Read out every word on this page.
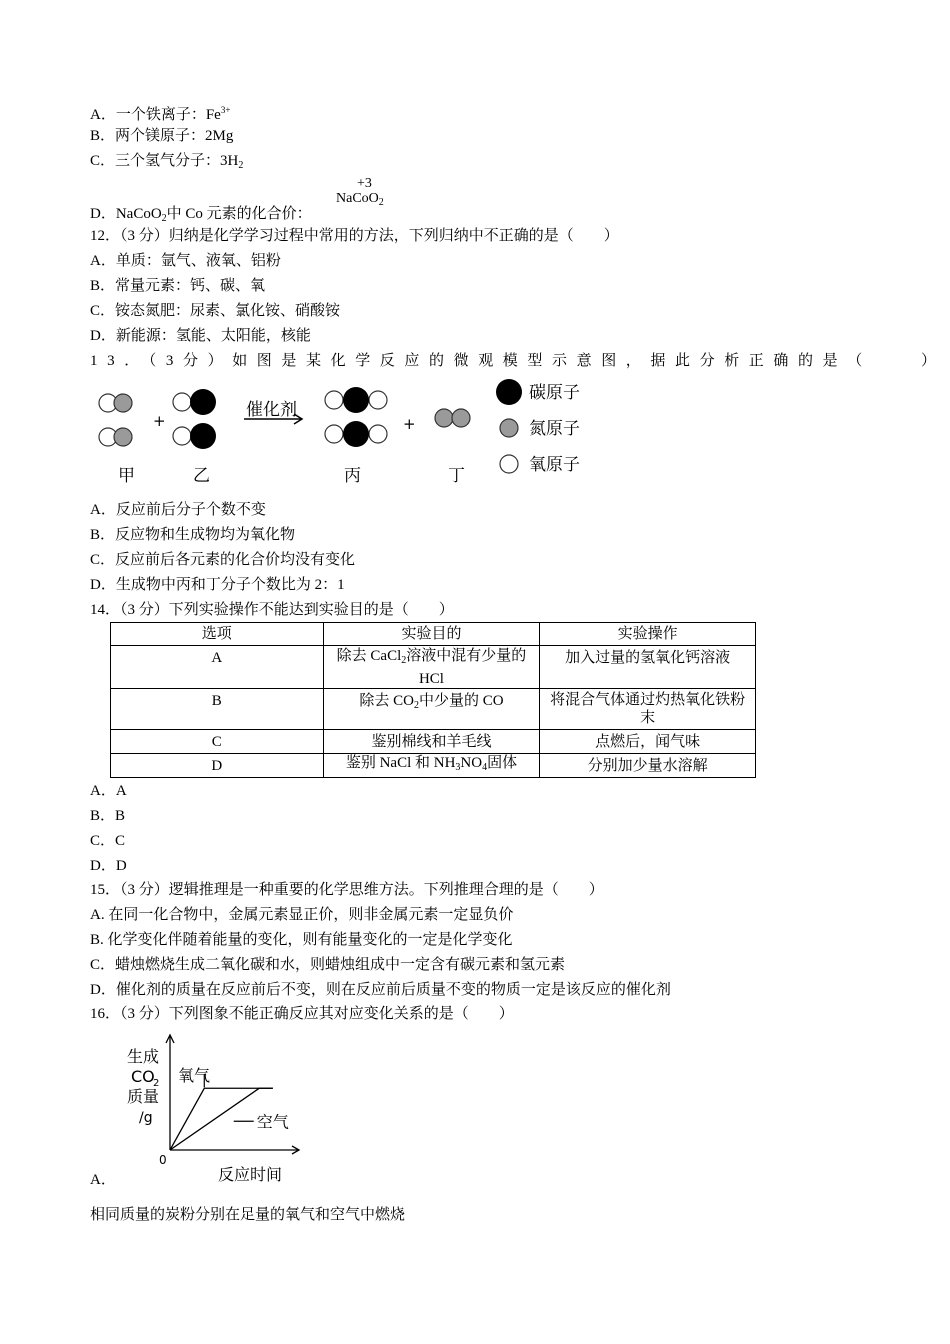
A．一个铁离子：$Fe^{3+}$
B．两个镁原子：2Mg
C．三个氢气分子：$3H_2$
D．NaCoO$_2$中 Co 元素的化合价：
+3
NaCoO$_2$
12．（3 分）归纳是化学学习过程中常用的方法，下列归纳中不正确的是（　　）
A．单质：氩气、液氧、铝粉
B．常量元素：钙、碳、氧
C．铵态氮肥：尿素、氯化铵、硝酸铵
D．新能源：氢能、太阳能，核能
13．（3分）如图是某化学反应的微观模型示意图，据此分析正确的是（　　）
+
催化剂
+
甲	乙	丙	丁
碳原子
氮原子
氧原子
A．反应前后分子个数不变
B．反应物和生成物均为氧化物
C．反应前后各元素的化合价均没有变化
D．生成物中丙和丁分子个数比为 2：1
14．（3 分）下列实验操作不能达到实验目的是（　　）
选项	实验目的	实验操作
A	除去 CaCl$_2$溶液中混有少量的 HCl	加入过量的氢氧化钙溶液
B	除去 $CO_2$中少量的 CO	将混合气体通过灼热氧化铁粉末
C	鉴别棉线和羊毛线	点燃后，闻气味
D	鉴别 NaCl 和 $NH_3NO_4$固体	分别加少量水溶解
A．A
B．B
C．C
D．D
15．（3 分）逻辑推理是一种重要的化学思维方法。下列推理合理的是（　　）
A. 在同一化合物中，金属元素显正价，则非金属元素一定显负价
B. 化学变化伴随着能量的变化，则有能量变化的一定是化学变化
C．蜡烛燃烧生成二氧化碳和水，则蜡烛组成中一定含有碳元素和氢元素
D．催化剂的质量在反应前后不变，则在反应前后质量不变的物质一定是该反应的催化剂
16．（3 分）下列图象不能正确反应其对应变化关系的是（　　）
氧气
空气
生成
CO
2
质量
/g
0
反应时间
A．
相同质量的炭粉分别在足量的氧气和空气中燃烧
